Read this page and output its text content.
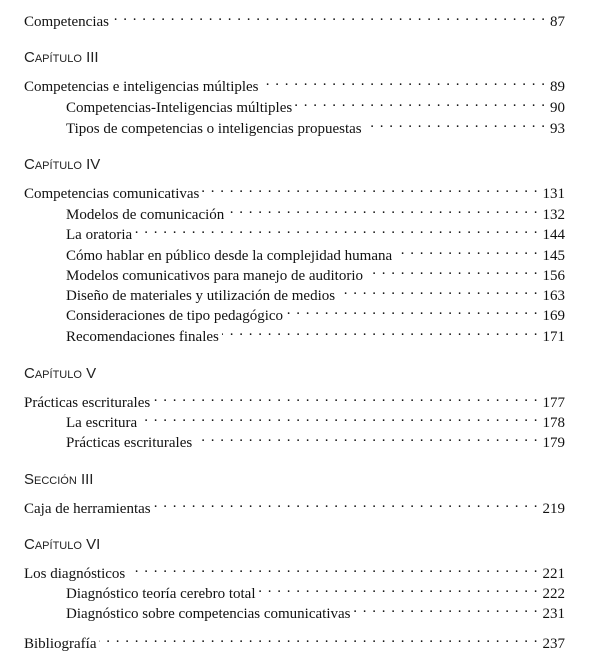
Competencias . . .	87
Capítulo III
Competencias e inteligencias múltiples . . .	89
Competencias-Inteligencias múltiples . . .	90
Tipos de competencias o inteligencias propuestas . . .	93
Capítulo IV
Competencias comunicativas . . .	131
Modelos de comunicación . . .	132
La oratoria . . .	144
Cómo hablar en público desde la complejidad humana . . .	145
Modelos comunicativos para manejo de auditorio . . .	156
Diseño de materiales y utilización de medios . . .	163
Consideraciones de tipo pedagógico . . .	169
Recomendaciones finales . . .	171
Capítulo V
Prácticas escriturales . . .	177
La escritura . . .	178
Prácticas escriturales . . .	179
Sección III
Caja de herramientas . . .	219
Capítulo VI
Los diagnósticos . . .	221
Diagnóstico teoría cerebro total . . .	222
Diagnóstico sobre competencias comunicativas . . .	231
Bibliografía . . .	237
